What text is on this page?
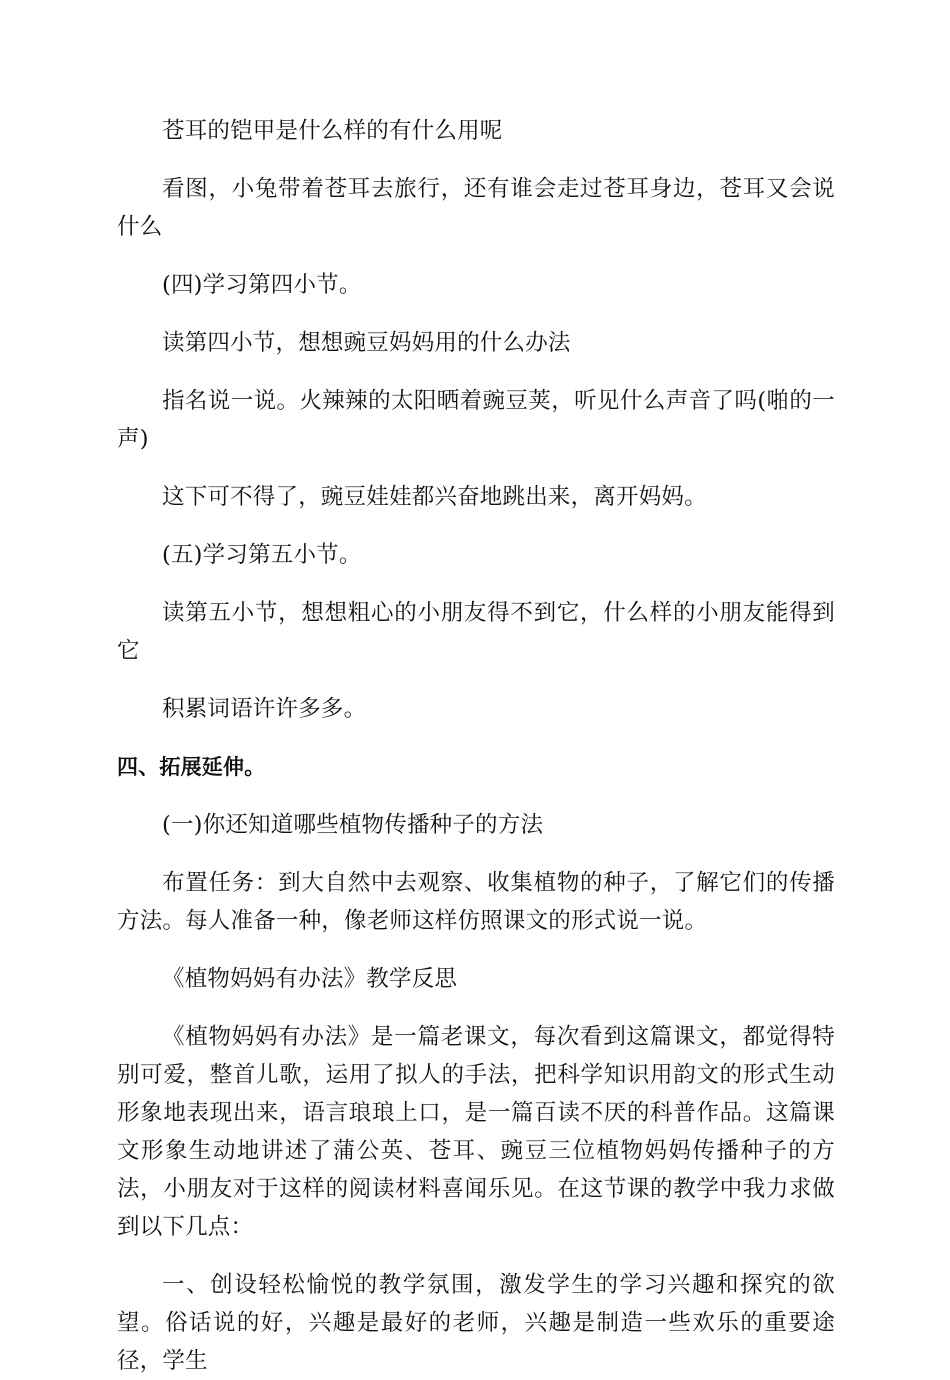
苍耳的铠甲是什么样的有什么用呢

看图，小兔带着苍耳去旅行，还有谁会走过苍耳身边，苍耳又会说什么

(四)学习第四小节。

读第四小节，想想豌豆妈妈用的什么办法

指名说一说。火辣辣的太阳晒着豌豆荚，听见什么声音了吗(啪的一声)

这下可不得了，豌豆娃娃都兴奋地跳出来，离开妈妈。

(五)学习第五小节。

读第五小节，想想粗心的小朋友得不到它，什么样的小朋友能得到它

积累词语许许多多。

四、拓展延伸。

(一)你还知道哪些植物传播种子的方法

布置任务：到大自然中去观察、收集植物的种子，了解它们的传播方法。每人准备一种，像老师这样仿照课文的形式说一说。

《植物妈妈有办法》教学反思

《植物妈妈有办法》是一篇老课文，每次看到这篇课文，都觉得特别可爱，整首儿歌，运用了拟人的手法，把科学知识用韵文的形式生动形象地表现出来，语言琅琅上口，是一篇百读不厌的科普作品。这篇课文形象生动地讲述了蒲公英、苍耳、豌豆三位植物妈妈传播种子的方法，小朋友对于这样的阅读材料喜闻乐见。在这节课的教学中我力求做到以下几点：

一、创设轻松愉悦的教学氛围，激发学生的学习兴趣和探究的欲望。俗话说的好，兴趣是最好的老师，兴趣是制造一些欢乐的重要途径，学生
